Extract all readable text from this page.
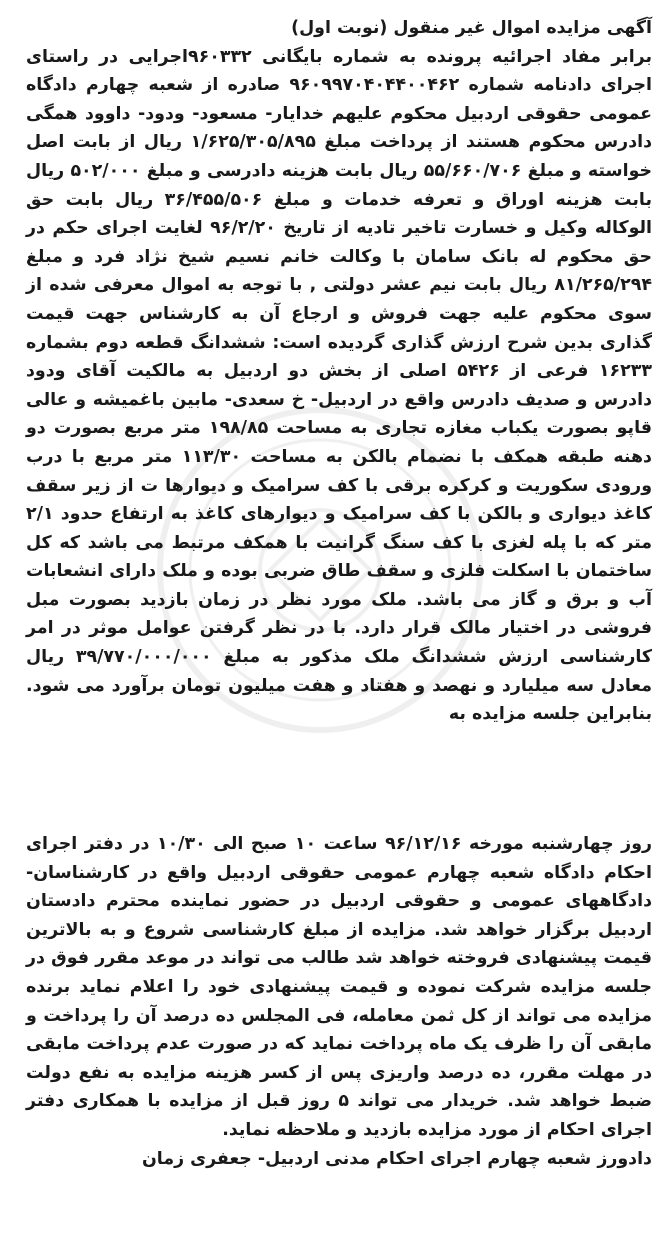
آگهی مزایده اموال غیر منقول (نوبت اول)
برابر مفاد اجرائیه پرونده به شماره بایگانی ۹۶۰۳۳۲اجرایی در راستای اجرای دادنامه شماره ۹۶۰۹۹۷۰۴۰۴۴۰۰۴۶۲ صادره از شعبه چهارم دادگاه عمومی حقوقی اردبیل محکوم علیهم خدایار- مسعود- ودود- داوود همگی دادرس محکوم هستند از پرداخت مبلغ ۱/۶۲۵/۳۰۵/۸۹۵ ریال از بابت اصل خواسته و مبلغ ۵۵/۶۶۰/۷۰۶ ریال بابت هزینه دادرسی و مبلغ ۵۰۲/۰۰۰ ریال بابت هزینه اوراق و تعرفه خدمات و مبلغ ۳۶/۴۵۵/۵۰۶ ریال بابت حق الوکاله وکیل و خسارت تاخیر تادیه از تاریخ ۹۶/۲/۲۰ لغایت اجرای حکم در حق محکوم له بانک سامان با وکالت خانم نسیم شیخ نژاد فرد و مبلغ ۸۱/۲۶۵/۲۹۴ ریال بابت نیم عشر دولتی , با توجه به اموال معرفی شده از سوی محکوم علیه جهت فروش و ارجاع آن به کارشناس جهت قیمت گذاری بدین شرح ارزش گذاری گردیده است: ششدانگ قطعه دوم بشماره ۱۶۲۳۳ فرعی از ۵۴۲۶ اصلی از بخش دو اردبیل به مالکیت آقای ودود دادرس و صدیف دادرس واقع در اردبیل- خ سعدی- مابین باغمیشه و عالی قاپو بصورت یکباب مغازه تجاری به مساحت ۱۹۸/۸۵ متر مربع بصورت دو دهنه طبقه همکف با نضمام بالکن به مساحت ۱۱۳/۳۰ متر مربع با درب ورودی سکوریت و کرکره برقی با کف سرامیک و دیوارها ت از زیر سقف کاغذ دیواری و بالکن با کف سرامیک و دیوارهای کاغذ به ارتفاع حدود ۲/۱ متر که با پله لغزی با کف سنگ گرانیت با همکف مرتبط می باشد که کل ساختمان با اسکلت فلزی و سقف طاق ضربی بوده و ملک دارای انشعابات آب و برق و گاز می باشد. ملک مورد نظر در زمان بازدید بصورت مبل فروشی در اختیار مالک قرار دارد. با در نظر گرفتن عوامل موثر در امر کارشناسی ارزش ششدانگ ملک مذکور به مبلغ ۳۹/۷۷۰/۰۰۰/۰۰۰ ریال معادل سه میلیارد و نهصد و هفتاد و هفت میلیون تومان برآورد می شود. بنابراین جلسه مزایده به
روز چهارشنبه مورخه ۹۶/۱۲/۱۶ ساعت ۱۰ صبح الی ۱۰/۳۰ در دفتر اجرای احکام دادگاه شعبه چهارم عمومی حقوقی اردبیل واقع در کارشناسان- دادگاههای عمومی و حقوقی اردبیل در حضور نماینده محترم دادستان اردبیل برگزار خواهد شد. مزایده از مبلغ کارشناسی شروع و به بالاترین قیمت پیشنهادی فروخته خواهد شد طالب می تواند در موعد مقرر فوق در جلسه مزایده شرکت نموده و قیمت پیشنهادی خود را اعلام نماید برنده مزایده می تواند از کل ثمن معامله، فی المجلس ده درصد آن را پرداخت و مابقی آن را ظرف یک ماه پرداخت نماید که در صورت عدم پرداخت مابقی در مهلت مقرر، ده درصد واریزی پس از کسر هزینه مزایده به نفع دولت ضبط خواهد شد. خریدار می تواند ۵ روز قبل از مزایده با همکاری دفتر اجرای احکام از مورد مزایده بازدید و ملاحظه نماید.
دادورز شعبه چهارم اجرای احکام مدنی اردبیل- جعفری زمان
